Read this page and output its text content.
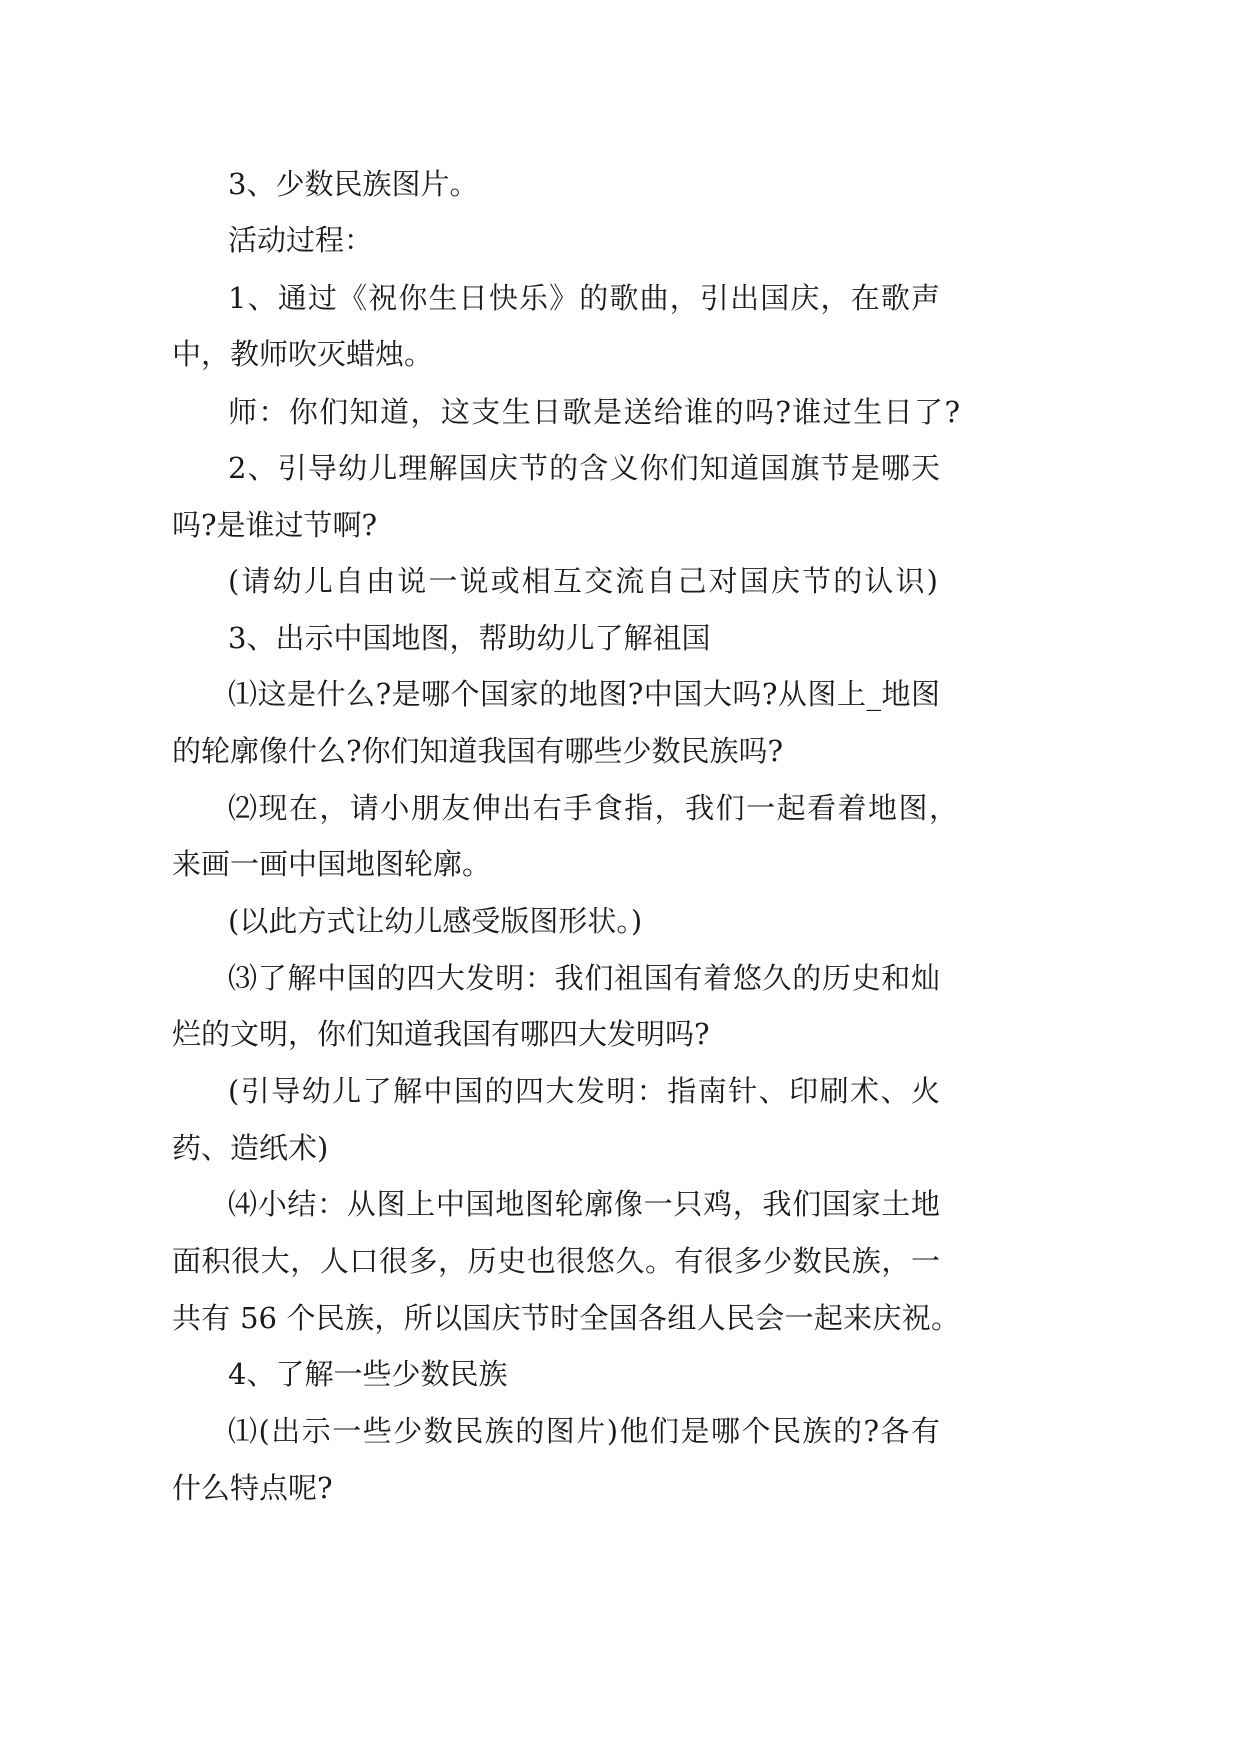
3、少数民族图片。
活动过程：
1、通过《祝你生日快乐》的歌曲，引出国庆，在歌声
中，教师吹灭蜡烛。
师：你们知道，这支生日歌是送给谁的吗?谁过生日了?
2、引导幼儿理解国庆节的含义你们知道国旗节是哪天
吗?是谁过节啊?
(请幼儿自由说一说或相互交流自己对国庆节的认识)
3、出示中国地图，帮助幼儿了解祖国
⑴这是什么?是哪个国家的地图?中国大吗?从图上_地图
的轮廓像什么?你们知道我国有哪些少数民族吗?
⑵现在，请小朋友伸出右手食指，我们一起看着地图，
来画一画中国地图轮廓。
(以此方式让幼儿感受版图形状。)
⑶了解中国的四大发明：我们祖国有着悠久的历史和灿
烂的文明，你们知道我国有哪四大发明吗?
(引导幼儿了解中国的四大发明：指南针、印刷术、火
药、造纸术)
⑷小结：从图上中国地图轮廓像一只鸡，我们国家土地
面积很大，人口很多，历史也很悠久。有很多少数民族，一
共有 56 个民族，所以国庆节时全国各组人民会一起来庆祝。
4、了解一些少数民族
⑴(出示一些少数民族的图片)他们是哪个民族的?各有
什么特点呢?
